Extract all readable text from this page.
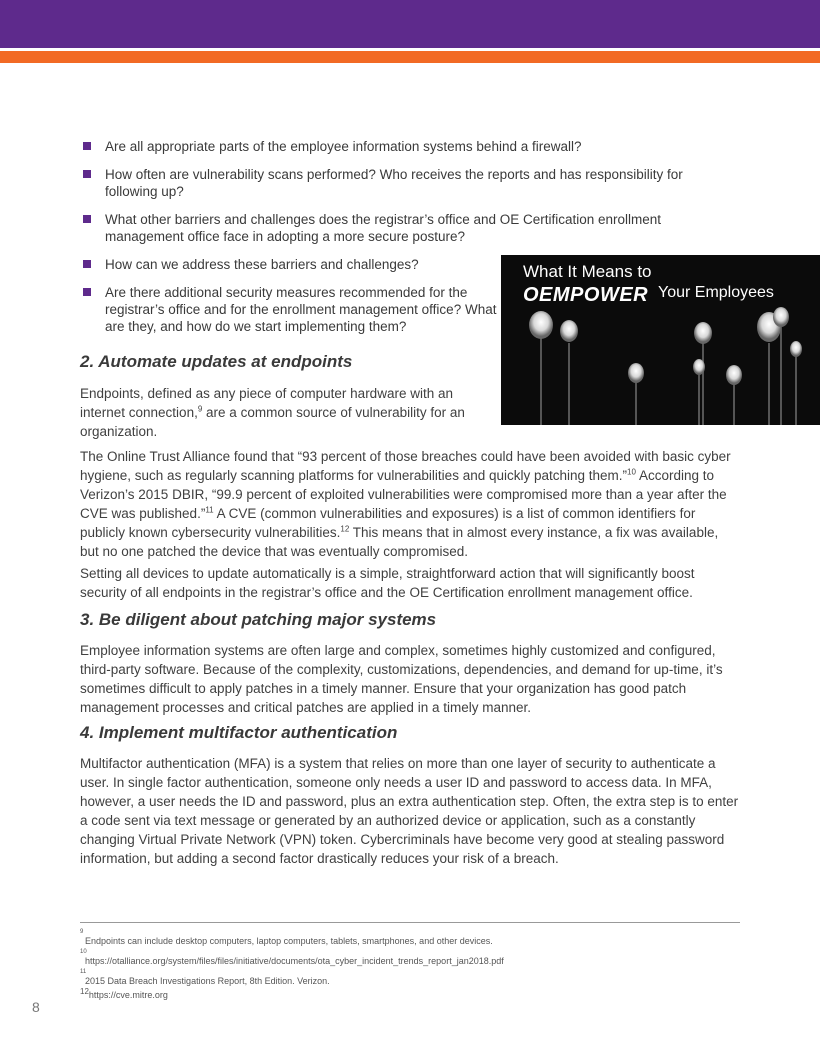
Are all appropriate parts of the employee information systems behind a firewall?
How often are vulnerability scans performed? Who receives the reports and has responsibility for following up?
What other barriers and challenges does the registrar’s office and OE Certification enrollment management office face in adopting a more secure posture?
How can we address these barriers and challenges?
Are there additional security measures recommended for the registrar’s office and for the enrollment management office? What are they, and how do we start implementing them?
What It Means to
OEMPOWER Your Employees
2. Automate updates at endpoints

Endpoints, defined as any piece of computer hardware with an internet connection,$^9$ are a common source of vulnerability for an organization.

The Online Trust Alliance found that “93 percent of those breaches could have been avoided with basic cyber hygiene, such as regularly scanning platforms for vulnerabilities and quickly patching them.”$^{10}$ According to Verizon’s 2015 DBIR, “99.9 percent of exploited vulnerabilities were compromised more than a year after the CVE was published.”$^{11}$ A CVE (common vulnerabilities and exposures) is a list of common identifiers for publicly known cybersecurity vulnerabilities.$^{12}$ This means that in almost every instance, a fix was available, but no one patched the device that was eventually compromised.

Setting all devices to update automatically is a simple, straightforward action that will significantly boost security of all endpoints in the registrar’s office and the OE Certification enrollment management office.

3. Be diligent about patching major systems

Employee information systems are often large and complex, sometimes highly customized and configured, third-party software. Because of the complexity, customizations, dependencies, and demand for up-time, it’s sometimes difficult to apply patches in a timely manner. Ensure that your organization has good patch management processes and critical patches are applied in a timely manner.

4. Implement multifactor authentication

Multifactor authentication (MFA) is a system that relies on more than one layer of security to authenticate a user. In single factor authentication, someone only needs a user ID and password to access data. In MFA, however, a user needs the ID and password, plus an extra authentication step. Often, the extra step is to enter a code sent via text message or generated by an authorized device or application, such as a constantly changing Virtual Private Network (VPN) token. Cybercriminals have become very good at stealing password information, but adding a second factor drastically reduces your risk of a breach.

9
Endpoints can include desktop computers, laptop computers, tablets, smartphones, and other devices.
10
https://otalliance.org/system/files/files/initiative/documents/ota_cyber_incident_trends_report_jan2018.pdf
11
2015 Data Breach Investigations Report, 8th Edition. Verizon.
12https://cve.mitre.org
8
